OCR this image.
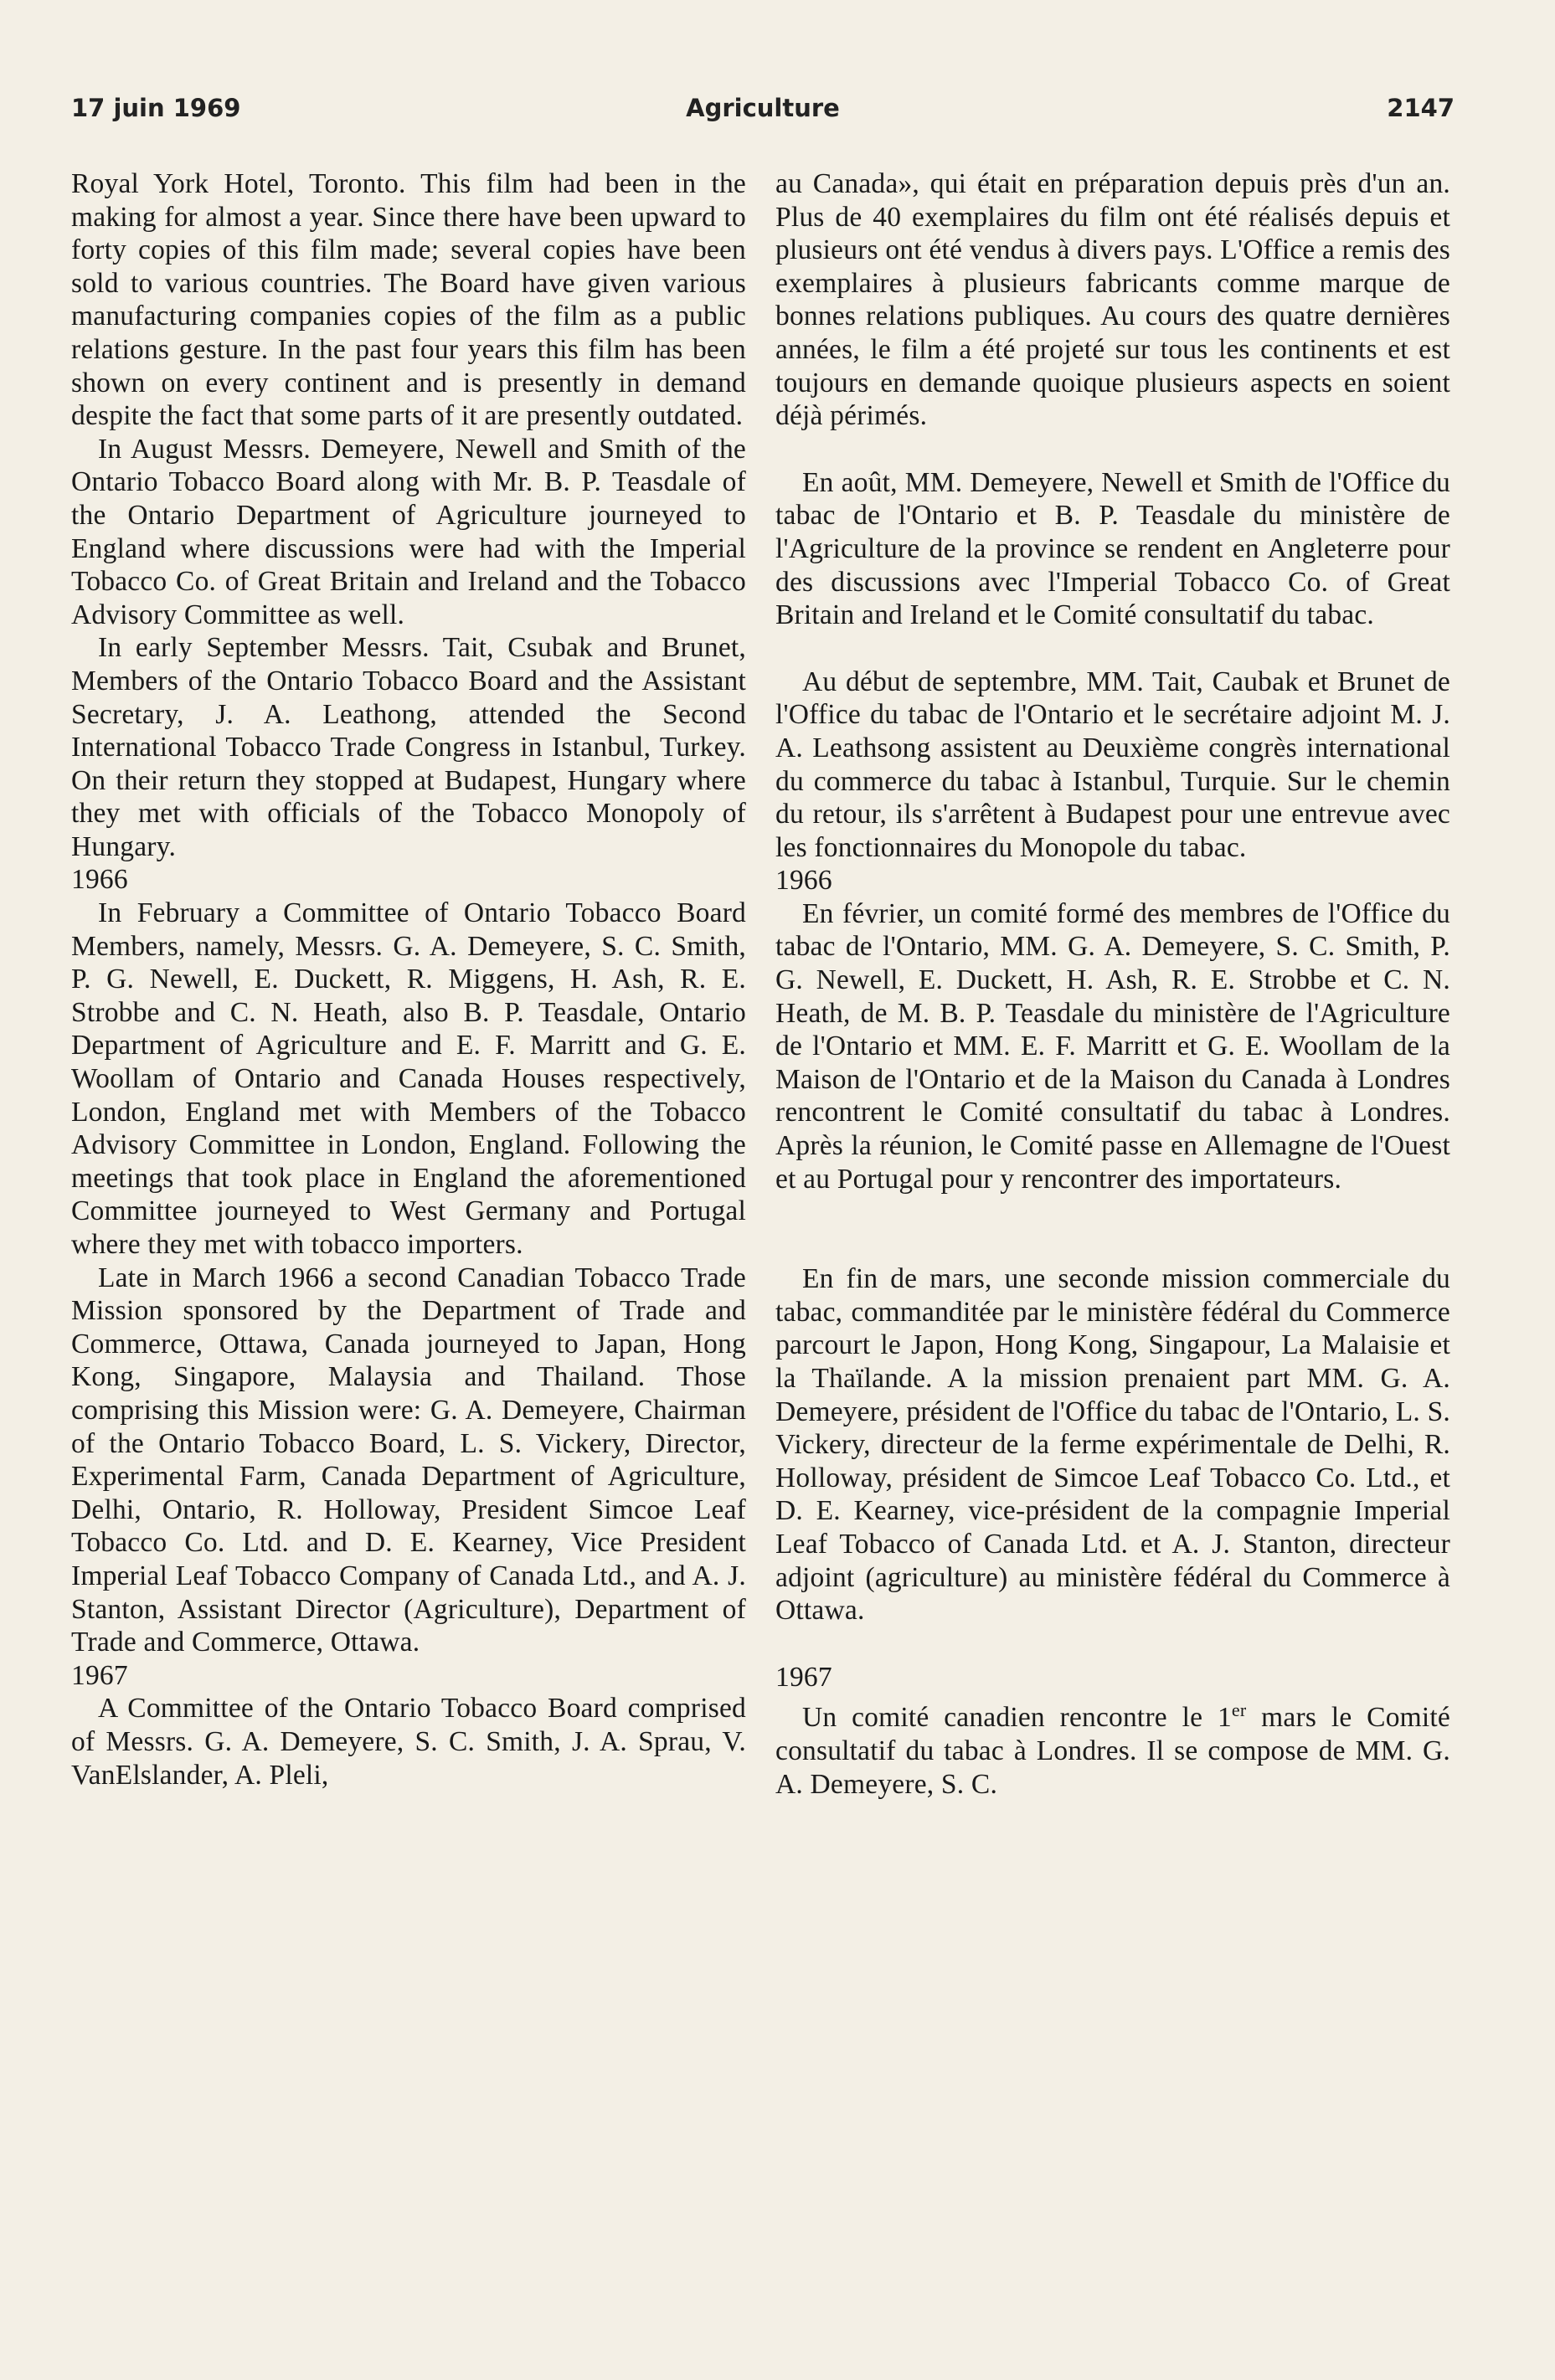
17 juin 1969	Agriculture	2147

Royal York Hotel, Toronto. This film had been in the making for almost a year. Since there have been upward to forty copies of this film made; several copies have been sold to various countries. The Board have given various manufacturing companies copies of the film as a public relations gesture. In the past four years this film has been shown on every continent and is presently in demand despite the fact that some parts of it are presently outdated.

In August Messrs. Demeyere, Newell and Smith of the Ontario Tobacco Board along with Mr. B. P. Teasdale of the Ontario Department of Agriculture journeyed to England where discussions were had with the Imperial Tobacco Co. of Great Britain and Ireland and the Tobacco Advisory Committee as well.

In early September Messrs. Tait, Csubak and Brunet, Members of the Ontario Tobacco Board and the Assistant Secretary, J. A. Leathong, attended the Second International Tobacco Trade Congress in Istanbul, Turkey. On their return they stopped at Budapest, Hungary where they met with officials of the Tobacco Monopoly of Hungary.

1966

In February a Committee of Ontario Tobacco Board Members, namely, Messrs. G. A. Demeyere, S. C. Smith, P. G. Newell, E. Duckett, R. Miggens, H. Ash, R. E. Strobbe and C. N. Heath, also B. P. Teasdale, Ontario Department of Agriculture and E. F. Marritt and G. E. Woollam of Ontario and Canada Houses respectively, London, England met with Members of the Tobacco Advisory Committee in London, England. Following the meetings that took place in England the aforementioned Committee journeyed to West Germany and Portugal where they met with tobacco importers.

Late in March 1966 a second Canadian Tobacco Trade Mission sponsored by the Department of Trade and Commerce, Ottawa, Canada journeyed to Japan, Hong Kong, Singapore, Malaysia and Thailand. Those comprising this Mission were: G. A. Demeyere, Chairman of the Ontario Tobacco Board, L. S. Vickery, Director, Experimental Farm, Canada Department of Agriculture, Delhi, Ontario, R. Holloway, President Simcoe Leaf Tobacco Co. Ltd. and D. E. Kearney, Vice President Imperial Leaf Tobacco Company of Canada Ltd., and A. J. Stanton, Assistant Director (Agriculture), Department of Trade and Commerce, Ottawa.

1967

A Committee of the Ontario Tobacco Board comprised of Messrs. G. A. Demeyere, S. C. Smith, J. A. Sprau, V. VanElslander, A. Pleli,

au Canada», qui était en préparation depuis près d'un an. Plus de 40 exemplaires du film ont été réalisés depuis et plusieurs ont été vendus à divers pays. L'Office a remis des exemplaires à plusieurs fabricants comme marque de bonnes relations publiques. Au cours des quatre dernières années, le film a été projeté sur tous les continents et est toujours en demande quoique plusieurs aspects en soient déjà périmés.

En août, MM. Demeyere, Newell et Smith de l'Office du tabac de l'Ontario et B. P. Teasdale du ministère de l'Agriculture de la province se rendent en Angleterre pour des discussions avec l'Imperial Tobacco Co. of Great Britain and Ireland et le Comité consultatif du tabac.

Au début de septembre, MM. Tait, Caubak et Brunet de l'Office du tabac de l'Ontario et le secrétaire adjoint M. J. A. Leathsong assistent au Deuxième congrès international du commerce du tabac à Istanbul, Turquie. Sur le chemin du retour, ils s'arrêtent à Budapest pour une entrevue avec les fonctionnaires du Monopole du tabac.

1966

En février, un comité formé des membres de l'Office du tabac de l'Ontario, MM. G. A. Demeyere, S. C. Smith, P. G. Newell, E. Duckett, H. Ash, R. E. Strobbe et C. N. Heath, de M. B. P. Teasdale du ministère de l'Agriculture de l'Ontario et MM. E. F. Marritt et G. E. Woollam de la Maison de l'Ontario et de la Maison du Canada à Londres rencontrent le Comité consultatif du tabac à Londres. Après la réunion, le Comité passe en Allemagne de l'Ouest et au Portugal pour y rencontrer des importateurs.

En fin de mars, une seconde mission commerciale du tabac, commanditée par le ministère fédéral du Commerce parcourt le Japon, Hong Kong, Singapour, La Malaisie et la Thaïlande. A la mission prenaient part MM. G. A. Demeyere, président de l'Office du tabac de l'Ontario, L. S. Vickery, directeur de la ferme expérimentale de Delhi, R. Holloway, président de Simcoe Leaf Tobacco Co. Ltd., et D. E. Kearney, vice-président de la compagnie Imperial Leaf Tobacco of Canada Ltd. et A. J. Stanton, directeur adjoint (agriculture) au ministère fédéral du Commerce à Ottawa.

1967

Un comité canadien rencontre le 1er mars le Comité consultatif du tabac à Londres. Il se compose de MM. G. A. Demeyere, S. C.
